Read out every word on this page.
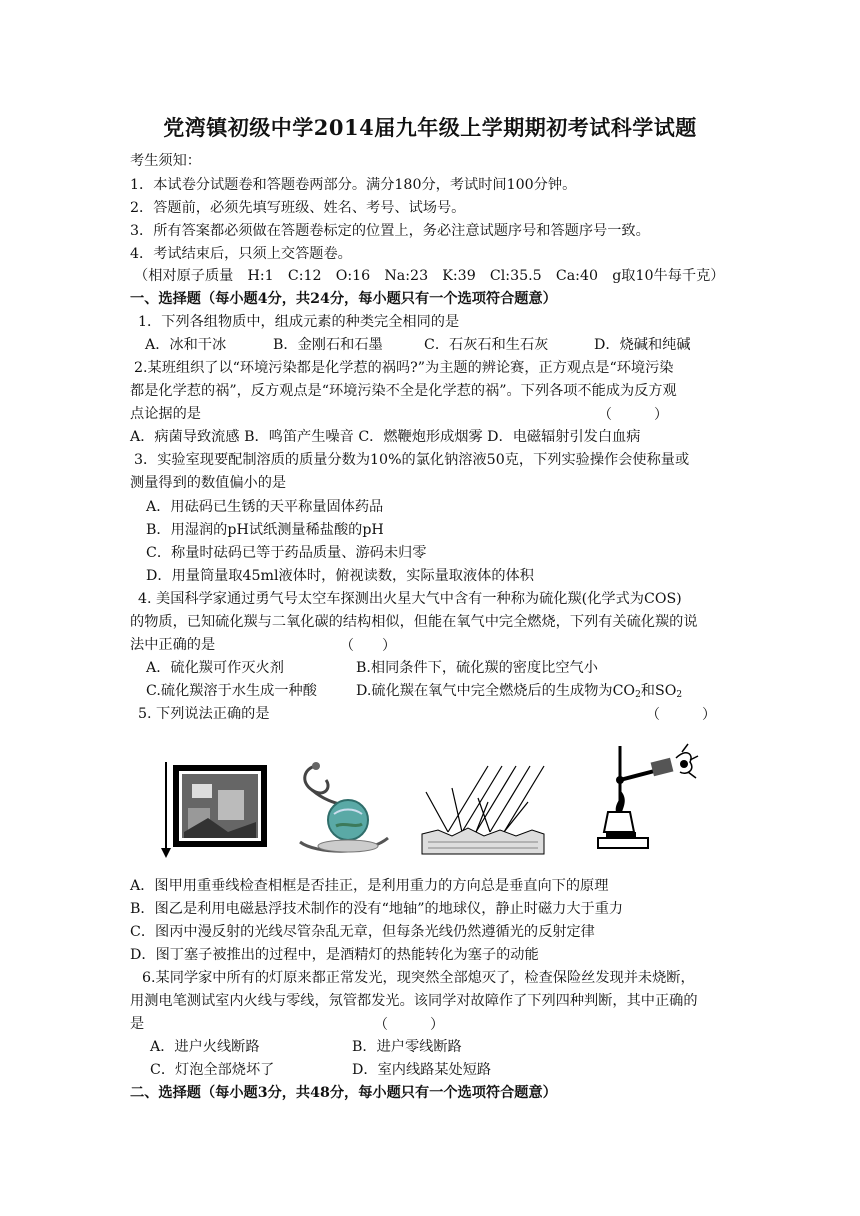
党湾镇初级中学2014届九年级上学期期初考试科学试题
考生须知：
1．本试卷分试题卷和答题卷两部分。满分180分，考试时间100分钟。
2．答题前，必须先填写班级、姓名、考号、试场号。
3．所有答案都必须做在答题卷标定的位置上，务必注意试题序号和答题序号一致。
4．考试结束后，只须上交答题卷。
（相对原子质量　H:1　C:12　O:16　Na:23　K:39　Cl:35.5　Ca:40　g取10牛每千克）
一、选择题（每小题4分，共24分，每小题只有一个选项符合题意）
1．下列各组物质中，组成元素的种类完全相同的是
A．冰和干冰	B．金刚石和石墨	C．石灰石和生石灰	D．烧碱和纯碱
2.某班组织了以“环境污染都是化学惹的祸吗?”为主题的辨论赛，正方观点是“环境污染
都是化学惹的祸”，反方观点是“环境污染不全是化学惹的祸”。下列各项不能成为反方观
点论据的是	（　　　）
A．病菌导致流感 B．鸣笛产生噪音 C．燃鞭炮形成烟雾 D．电磁辐射引发白血病
3．实验室现要配制溶质的质量分数为10%的氯化钠溶液50克，下列实验操作会使称量或
测量得到的数值偏小的是
A．用砝码已生锈的天平称量固体药品
B．用湿润的pH试纸测量稀盐酸的pH
C．称量时砝码已等于药品质量、游码未归零
D．用量筒量取45ml液体时，俯视读数，实际量取液体的体积
4. 美国科学家通过勇气号太空车探测出火星大气中含有一种称为硫化羰(化学式为COS)
的物质，已知硫化羰与二氧化碳的结构相似，但能在氧气中完全燃烧，下列有关硫化羰的说
法中正确的是	（　　）
A．硫化羰可作灭火剂	B.相同条件下，硫化羰的密度比空气小
C.硫化羰溶于水生成一种酸	D.硫化羰在氧气中完全燃烧后的生成物为$CO_2$和$SO_2$
5. 下列说法正确的是	（　　　）
A．图甲用重垂线检查相框是否挂正，是利用重力的方向总是垂直向下的原理
B．图乙是利用电磁悬浮技术制作的没有“地轴”的地球仪，静止时磁力大于重力
C．图丙中漫反射的光线尽管杂乱无章，但每条光线仍然遵循光的反射定律
D．图丁塞子被推出的过程中，是酒精灯的热能转化为塞子的动能
6.某同学家中所有的灯原来都正常发光，现突然全部熄灭了，检查保险丝发现并未烧断，
用测电笔测试室内火线与零线，氖管都发光。该同学对故障作了下列四种判断，其中正确的
是	（　　　）
A．进户火线断路	B．进户零线断路
C．灯泡全部烧坏了	D．室内线路某处短路
二、选择题（每小题3分，共48分，每小题只有一个选项符合题意）
